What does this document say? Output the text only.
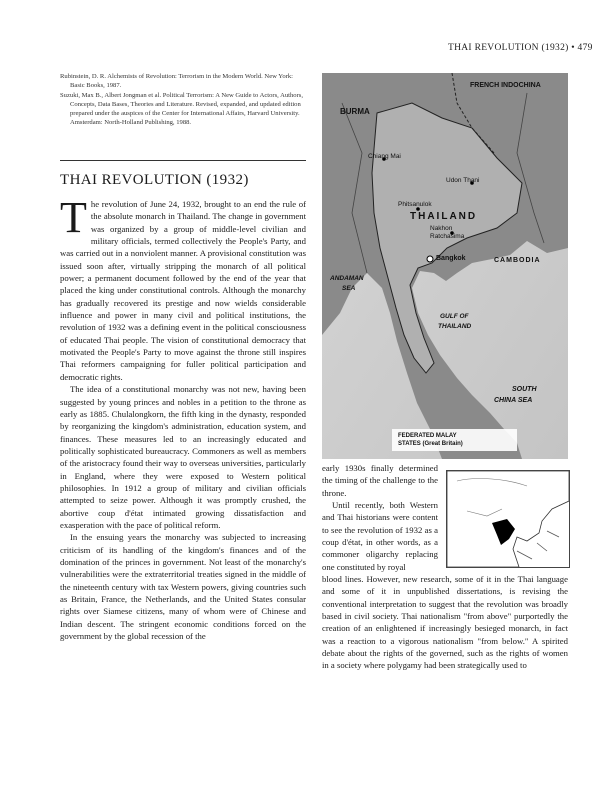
THAI REVOLUTION (1932) • 479

Rubinstein, D. R. Alchemists of Revolution: Terrorism in the Modern World. New York: Basic Books, 1987.

Suzuki, Max B., Albert Jongman et al. Political Terrorism: A New Guide to Actors, Authors, Concepts, Data Bases, Theories and Literature. Revised, expanded, and updated edition prepared under the auspices of the Center for International Affairs, Harvard University. Amsterdam: North-Holland Publishing, 1988.

THAI REVOLUTION (1932)

The revolution of June 24, 1932, brought to an end the rule of the absolute monarch in Thailand. The change in government was organized by a group of middle-level civilian and military officials, termed collectively the People's Party, and was carried out in a nonviolent manner. A provisional constitution was issued soon after, virtually stripping the monarch of all political power; a permanent document followed by the end of the year that placed the king under constitutional controls. Although the monarchy has gradually recovered its prestige and now wields considerable influence and power in many civil and political institutions, the revolution of 1932 was a defining event in the political consciousness of educated Thai people. The vision of constitutional democracy that motivated the People's Party to move against the throne still inspires Thai reformers campaigning for fuller political participation and democratic rights.

The idea of a constitutional monarchy was not new, having been suggested by young princes and nobles in a petition to the throne as early as 1885. Chulalongkorn, the fifth king in the dynasty, responded by reorganizing the kingdom's administration, education system, and finances. These measures led to an increasingly educated and politically sophisticated bureaucracy. Commoners as well as members of the aristocracy found their way to overseas universities, particularly in England, where they were exposed to Western political philosophies. In 1912 a group of military and civilian officials attempted to seize power. Although it was promptly crushed, the abortive coup d'état intimated growing dissatisfaction and exasperation with the pace of political reform.

In the ensuing years the monarchy was subjected to increasing criticism of its handling of the kingdom's finances and of the domination of the princes in government. Not least of the monarchy's vulnerabilities were the extraterritorial treaties signed in the middle of the nineteenth century with tax Western powers, giving countries such as Britain, France, the Netherlands, and the United States consular rights over Siamese citizens, many of whom were of Chinese and Indian descent. The stringent economic conditions forced on the government by the global recession of the

FRENCH INDOCHINA
BURMA
Chiang Mai
Udon Thani
Phitsanulok
THAILAND
Nakhon
Ratchasima
Bangkok	CAMBODIA
ANDAMAN
SEA
GULF OF
THAILAND
SOUTH
CHINA SEA
FEDERATED MALAY
STATES (Great Britain)

early 1930s finally determined the timing of the challenge to the throne.

Until recently, both Western and Thai historians were content to see the revolution of 1932 as a coup d'état, in other words, as a commoner oligarchy replacing one constituted by royal

blood lines. However, new research, some of it in the Thai language and some of it in unpublished dissertations, is revising the conventional interpretation to suggest that the revolution was broadly based in civil society. Thai nationalism "from above" purportedly the creation of an enlightened if increasingly besieged monarch, in fact was a reaction to a vigorous nationalism "from below." A spirited debate about the rights of the governed, such as the rights of women in a society where polygamy had been strategically used to
